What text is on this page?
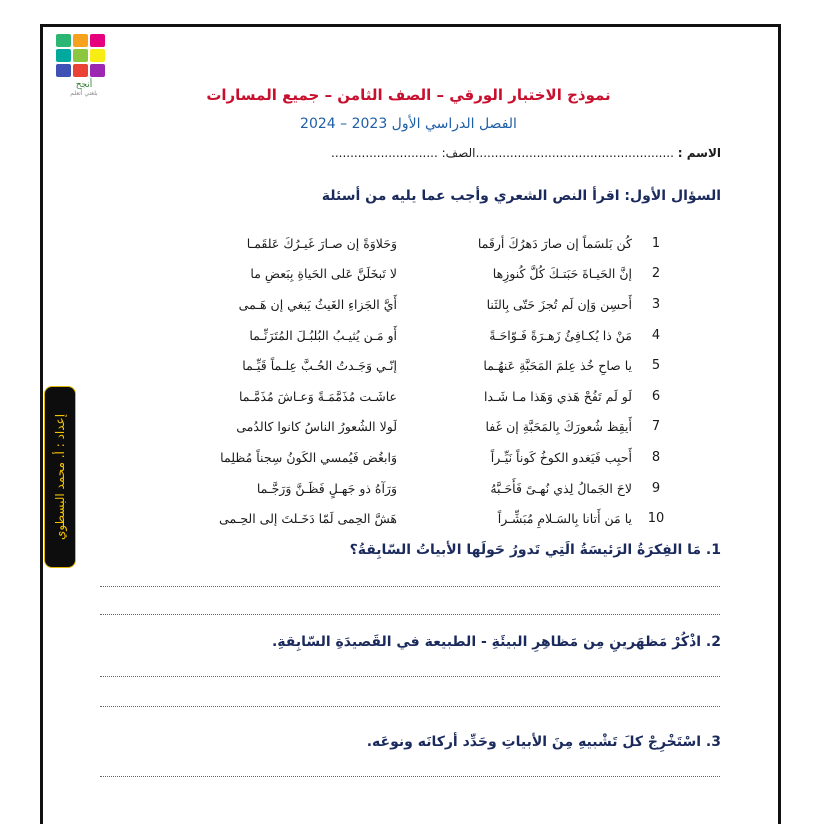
أنجح
بلغتي أتعلم	نموذج الاختبار الورقي – الصف الثامن – جميع المسارات
الفصل الدراسي الأول 2023 – 2024
الاسم : ....................................................
الصف: ............................
السؤال الأول: اقرأ النص الشعري وأجب عما يليه من أسئلة
1
كُن بَلسَماً إن صارَ دَهرُكَ أرقَما
وَحَلاوَةً إن صـارَ غَيـرُكَ عَلقَمـا
2
إنَّ الحَيـاةَ حَبَتـكَ كُلَّ كُنوزِها
لا تَبخَلَنَّ عَلى الحَياةِ بِبَعضِ ما
3
أَحسِن وَإن لَم تُجزَ حَتّى بِالثَنا
أَيَّ الجَزاءِ الغَيثُ يَبغي إن هَـمى
4
مَنْ ذا يُكـافِئُ زَهـرَةً فَـوّاحَـةً
أَو مَـن يُثيـبُ البُلبُـلَ المُتَرَنِّـما
5
يا صاحِ خُذ عِلمَ المَحَبَّةِ عَنهُـما
إنّـي وَجَـدتُ الحُـبَّ عِلـماً قَيِّـما
6
لَو لَم تَفُحْ هَذي وَهَذا مـا شَـدا
عاشَـت مُذَمَّمَـةً وَعـاشَ مُذَمَّـما
7
أَيقِظ شُعورَكَ بِالمَحَبَّةِ إن غَفا
لَولا الشُعورُ الناسُ كانوا كالدُمى
8
أَحبِب فَيَغدو الكوخُ كَوناً نَيِّـراً
وَابغُض فَيُمسي الكَونُ سِجناً مُظلِما
9
لاحَ الجَمالُ لِذي نُهـىً فَأَحَـبَّهُ
وَرَآهُ ذو جَهـلٍ فَظَـنَّ وَرَجَّـما
10
يا مَن أَتانا بِالسَـلامِ مُبَشِّـراً
هَشَّ الحِمى لَمّا دَخَـلتَ إلى الحِـمى
إعداد : أ. محمد البسطوي
1. مَا الفِكرَةُ الرَئيسَةُ الَتِي تَدورُ حَولَها الأبياتُ السّابِقةُ؟
2. اذْكُرْ مَظهَرينِ مِن مَظاهِرِ البيئَةِ - الطبيعة في القَصيدَةِ السّابِقةِ.
3. اسْتَخْرِجْ كلَ تَشْبيهِ مِنَ الأبياتِ وحَدِّد أركانَه ونوعَه.
